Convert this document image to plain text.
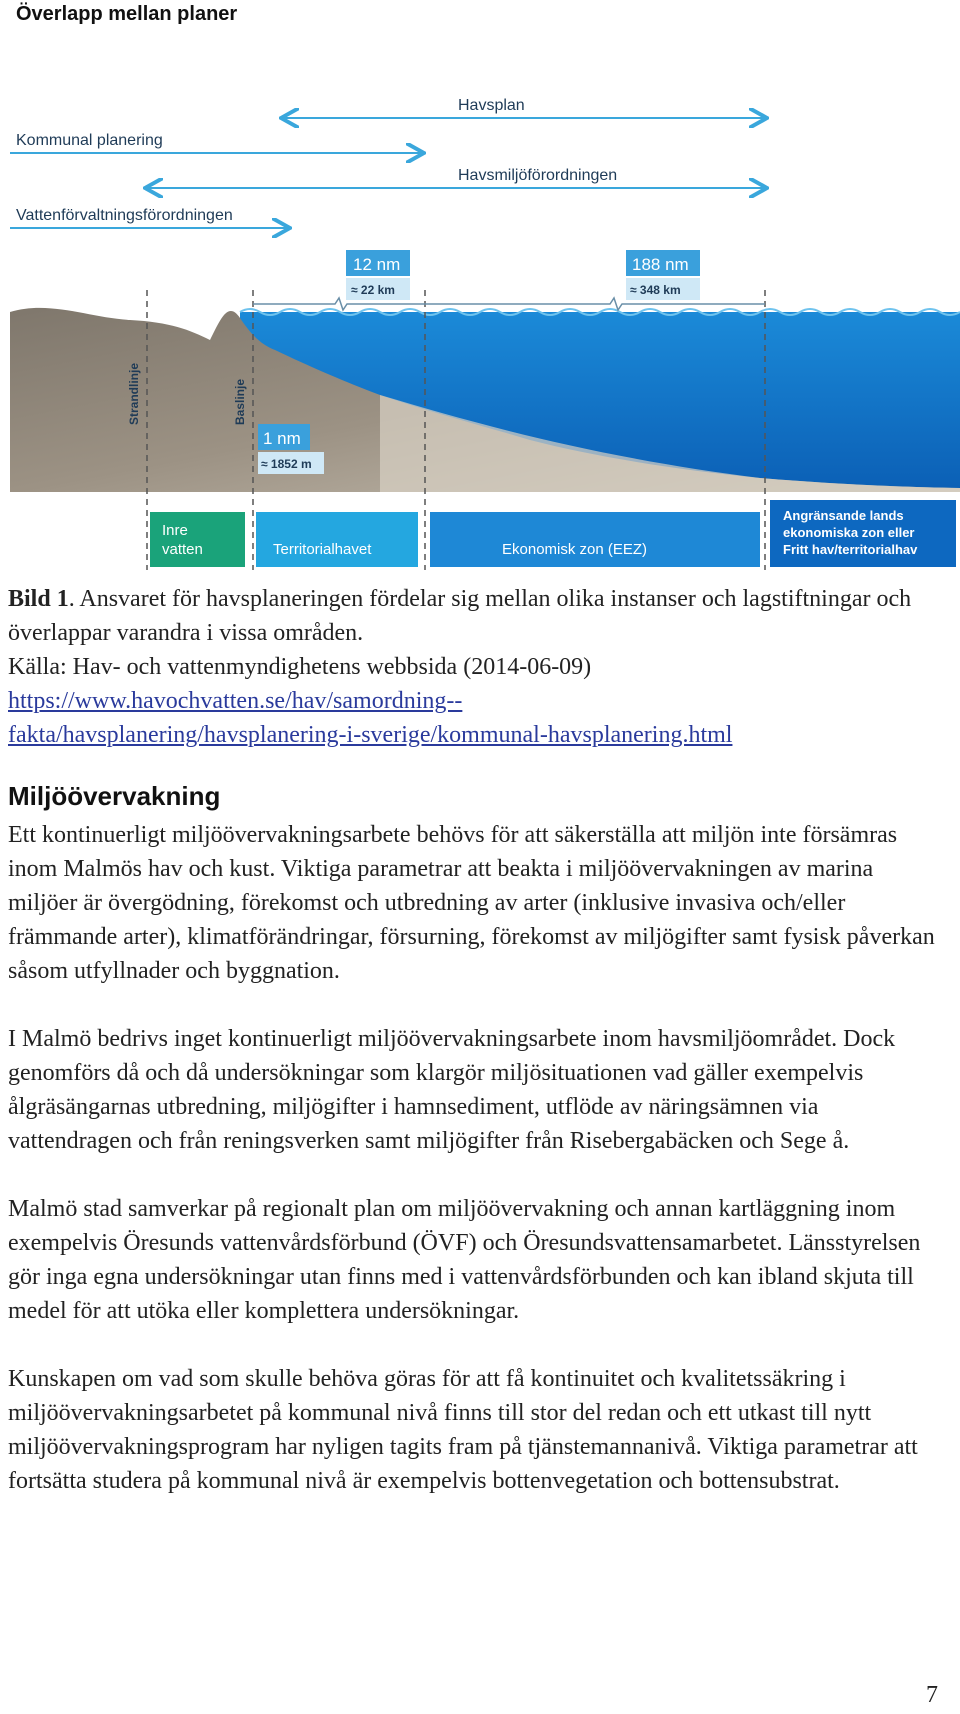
Överlapp mellan planer
Havsplan
Kommunal planering
Havsmiljöförordningen
Vattenförvaltningsförordningen
Strandlinje	Baslinje
12 nm
≈ 22 km
188 nm
≈ 348 km
1 nm
≈ 1852 m
Inre
vatten	Territorialhavet	Ekonomisk zon (EEZ)
Angränsande lands
ekonomiska zon eller
Fritt hav/territorialhav
Bild 1. Ansvaret för havsplaneringen fördelar sig mellan olika instanser och lagstiftningar och överlappar varandra i vissa områden.
Källa: Hav- och vattenmyndighetens webbsida (2014-06-09)
https://www.havochvatten.se/hav/samordning--
fakta/havsplanering/havsplanering-i-sverige/kommunal-havsplanering.html
Miljöövervakning

Ett kontinuerligt miljöövervakningsarbete behövs för att säkerställa att miljön inte försämras inom Malmös hav och kust. Viktiga parametrar att beakta i miljöövervakningen av marina miljöer är övergödning, förekomst och utbredning av arter (inklusive invasiva och/eller främmande arter), klimatförändringar, försurning, förekomst av miljögifter samt fysisk påverkan såsom utfyllnader och byggnation.

I Malmö bedrivs inget kontinuerligt miljöövervakningsarbete inom havsmiljöområdet. Dock genomförs då och då undersökningar som klargör miljösituationen vad gäller exempelvis ålgräsängarnas utbredning, miljögifter i hamnsediment, utflöde av näringsämnen via vattendragen och från reningsverken samt miljögifter från Risebergabäcken och Sege å.

Malmö stad samverkar på regionalt plan om miljöövervakning och annan kartläggning inom exempelvis Öresunds vattenvårdsförbund (ÖVF) och Öresundsvattensamarbetet. Länsstyrelsen gör inga egna undersökningar utan finns med i vattenvårdsförbunden och kan ibland skjuta till medel för att utöka eller komplettera undersökningar.

Kunskapen om vad som skulle behöva göras för att få kontinuitet och kvalitetssäkring i miljöövervakningsarbetet på kommunal nivå finns till stor del redan och ett utkast till nytt miljöövervakningsprogram har nyligen tagits fram på tjänstemannanivå. Viktiga parametrar att fortsätta studera på kommunal nivå är exempelvis bottenvegetation och bottensubstrat.

7
